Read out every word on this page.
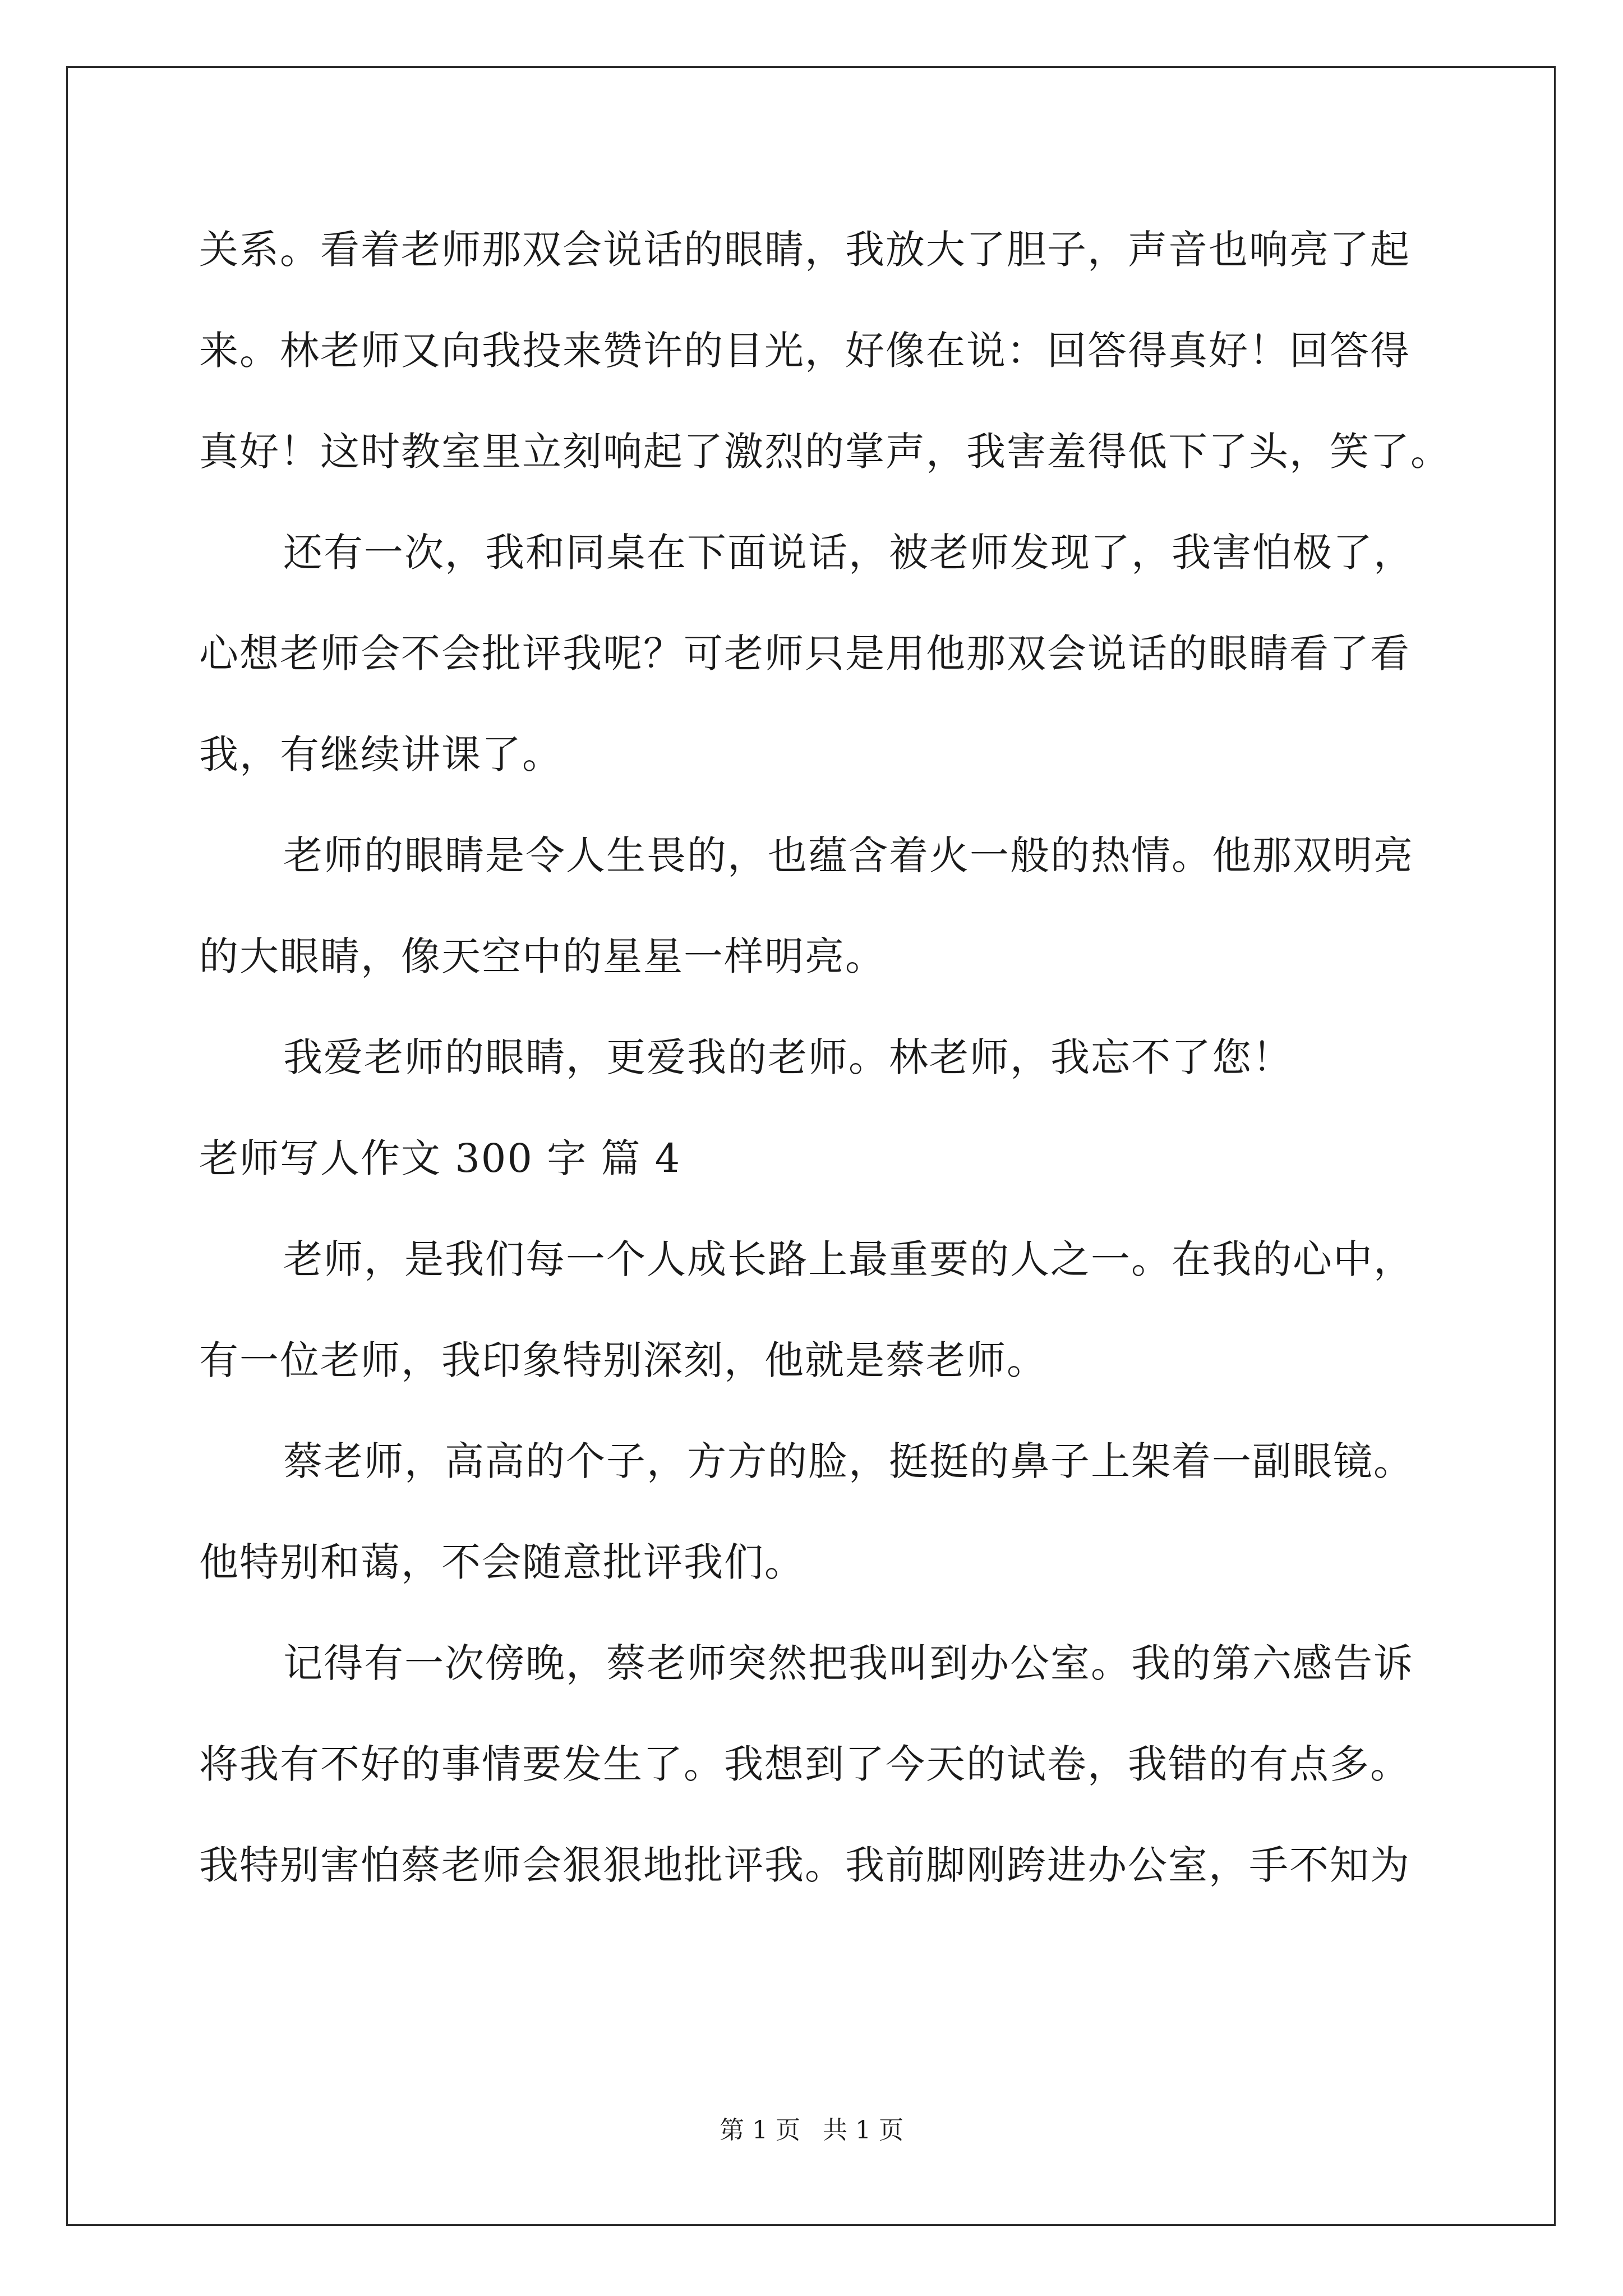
关系。看着老师那双会说话的眼睛，我放大了胆子，声音也响亮了起
来。林老师又向我投来赞许的目光，好像在说：回答得真好！回答得
真好！这时教室里立刻响起了激烈的掌声，我害羞得低下了头，笑了。
还有一次，我和同桌在下面说话，被老师发现了，我害怕极了，
心想老师会不会批评我呢？可老师只是用他那双会说话的眼睛看了看
我，有继续讲课了。
老师的眼睛是令人生畏的，也蕴含着火一般的热情。他那双明亮
的大眼睛，像天空中的星星一样明亮。
我爱老师的眼睛，更爱我的老师。林老师，我忘不了您！
老师写人作文 300 字 篇 4
老师，是我们每一个人成长路上最重要的人之一。在我的心中，
有一位老师，我印象特别深刻，他就是蔡老师。
蔡老师，高高的个子，方方的脸，挺挺的鼻子上架着一副眼镜。
他特别和蔼，不会随意批评我们。
记得有一次傍晚，蔡老师突然把我叫到办公室。我的第六感告诉
将我有不好的事情要发生了。我想到了今天的试卷，我错的有点多。
我特别害怕蔡老师会狠狠地批评我。我前脚刚跨进办公室，手不知为
第 1 页 共 1 页
